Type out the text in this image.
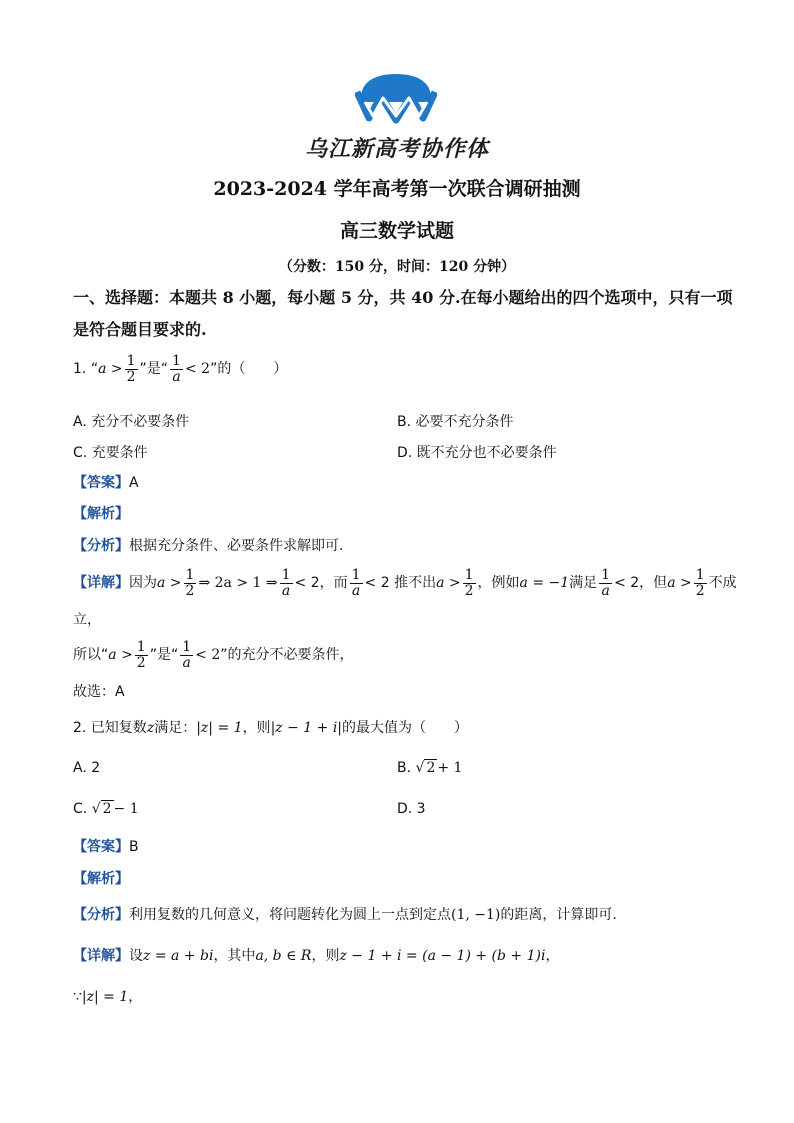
乌江新高考协作体
2023-2024 学年高考第一次联合调研抽测
高三数学试题
（分数：150 分，时间：120 分钟）
一、选择题：本题共 8 小题，每小题 5 分，共 40 分.在每小题给出的四个选项中，只有一项
是符合题目要求的.
1. “$a > \frac{1}{2}$ ”是“ $\frac{1}{a} < 2$”的（　　）
A. 充分不必要条件	B. 必要不充分条件
C. 充要条件	D. 既不充分也不必要条件
【答案】A
【解析】
【分析】根据充分条件、必要条件求解即可.
【详解】因为$a > \frac{1}{2}$ ⇒ 2a > 1 ⇒ $\frac{1}{a} < 2$，而 $\frac{1}{a} < 2$ 推不出$a > \frac{1}{2}$ ，例如a = −1满足 $\frac{1}{a} < 2$，但$a > \frac{1}{2}$ 不成
立，
所以“$a > \frac{1}{2}$ ”是“ $\frac{1}{a} < 2$”的充分不必要条件，
故选：A
2. 已知复数z满足：|z| = 1，则|z − 1 + i|的最大值为（　　）
A. 2	B. √ 2 + 1
C. √ 2 − 1	D. 3
【答案】B
【解析】
【分析】利用复数的几何意义，将问题转化为圆上一点到定点(1, −1)的距离，计算即可.
【详解】设z = a + bi，其中a, b ∈ R，则z − 1 + i = (a − 1) + (b + 1)i，
∵|z| = 1，
